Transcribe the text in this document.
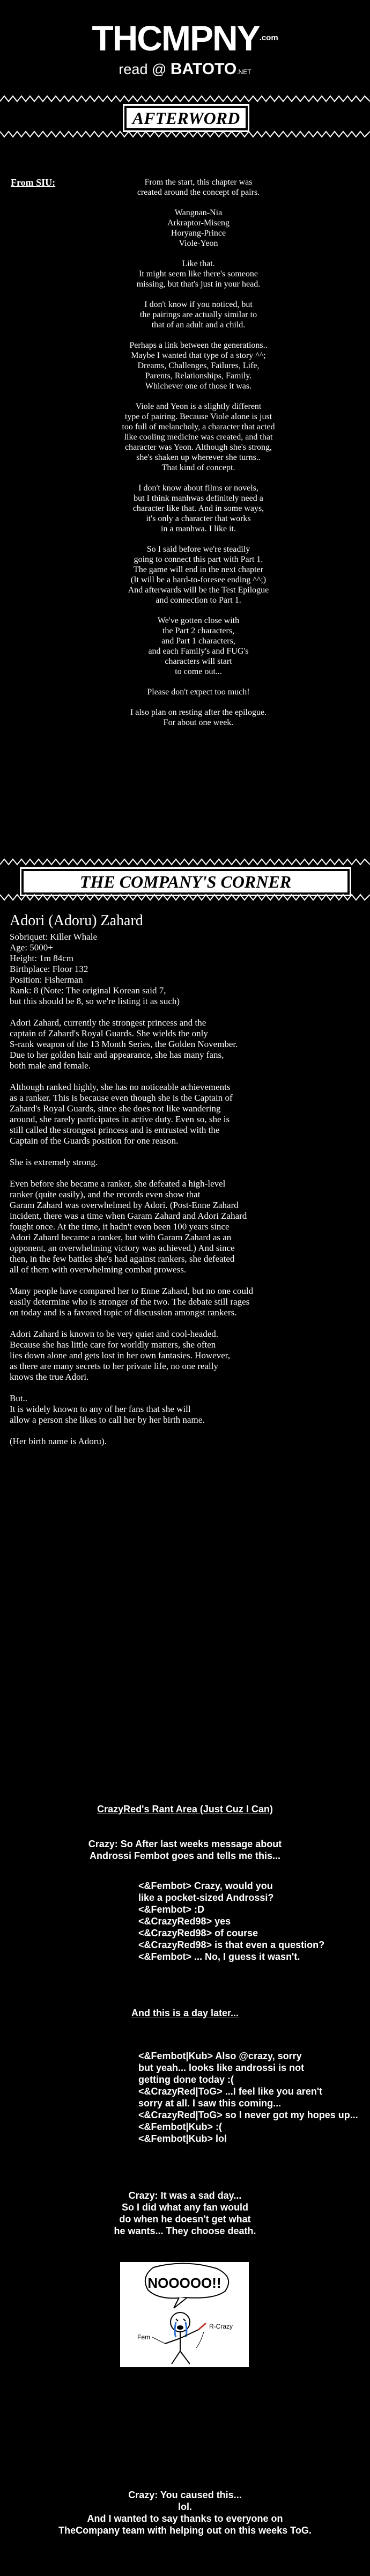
$THCMPNY^{.com}$
read @ BATOTO.NET
AFTERWORD
From SIU:	From the start, this chapter was
created around the concept of pairs.

Wangnan-Nia
Arkraptor-Miseng
Horyang-Prince
Viole-Yeon

Like that.
It might seem like there's someone
missing, but that's just in your head.

I don't know if you noticed, but
the pairings are actually similar to
that of an adult and a child.

Perhaps a link between the generations..
Maybe I wanted that type of a story ^^;
Dreams, Challenges, Failures, Life,
Parents, Relationships, Family.
Whichever one of those it was.

Viole and Yeon is a slightly different
type of pairing. Because Viole alone is just
too full of melancholy, a character that acted
like cooling medicine was created, and that
character was Yeon. Although she's strong,
she's shaken up wherever she turns..
That kind of concept.

I don't know about films or novels,
but I think manhwas definitely need a
character like that. And in some ways,
it's only a character that works
in a manhwa. I like it.

So I said before we're steadily
going to connect this part with Part 1.
The game will end in the next chapter
(It will be a hard-to-foresee ending ^^;)
And afterwards will be the Test Epilogue
and connection to Part 1.

We've gotten close with
the Part 2 characters,
and Part 1 characters,
and each Family's and FUG's
characters will start
to come out...

Please don't expect too much!

I also plan on resting after the epilogue.
For about one week.

THE COMPANY'S CORNER
Adori (Adoru) Zahard

Sobriquet: Killer Whale
Age: 5000+
Height: 1m 84cm
Birthplace: Floor 132
Position: Fisherman
Rank: 8 (Note: The original Korean said 7,
but this should be 8, so we're listing it as such)

Adori Zahard, currently the strongest princess and the
captain of Zahard's Royal Guards. She wields the only
S-rank weapon of the 13 Month Series, the Golden November.
Due to her golden hair and appearance, she has many fans,
both male and female.

Although ranked highly, she has no noticeable achievements
as a ranker. This is because even though she is the Captain of
Zahard's Royal Guards, since she does not like wandering
around, she rarely participates in active duty. Even so, she is
still called the strongest princess and is entrusted with the
Captain of the Guards position for one reason.

She is extremely strong.

Even before she became a ranker, she defeated a high-level
ranker (quite easily), and the records even show that
Garam Zahard was overwhelmed by Adori. (Post-Enne Zahard
incident, there was a time when Garam Zahard and Adori Zahard
fought once. At the time, it hadn't even been 100 years since
Adori Zahard became a ranker, but with Garam Zahard as an
opponent, an overwhelming victory was achieved.) And since
then, in the few battles she's had against rankers, she defeated
all of them with overwhelming combat prowess.

Many people have compared her to Enne Zahard, but no one could
easily determine who is stronger of the two. The debate still rages
on today and is a favored topic of discussion amongst rankers.

Adori Zahard is known to be very quiet and cool-headed.
Because she has little care for worldly matters, she often
lies down alone and gets lost in her own fantasies. However,
as there are many secrets to her private life, no one really
knows the true Adori.

But..
It is widely known to any of her fans that she will
allow a person she likes to call her by her birth name.

(Her birth name is Adoru).

CrazyRed's Rant Area (Just Cuz I Can)
Crazy: So After last weeks message about
Androssi Fembot goes and tells me this...
<&Fembot> Crazy, would you
like a pocket-sized Androssi?
<&Fembot> :D
<&CrazyRed98> yes
<&CrazyRed98> of course
<&CrazyRed98> is that even a question?
<&Fembot> ... No, I guess it wasn't.
And this is a day later...
<&Fembot|Kub> Also @crazy, sorry
but yeah... looks like androssi is not
getting done today :(
<&CrazyRed|ToG> ...I feel like you aren't
sorry at all. I saw this coming...
<&CrazyRed|ToG> so I never got my hopes up...
<&Fembot|Kub> :(
<&Fembot|Kub> lol
Crazy: It was a sad day...
So I did what any fan would
do when he doesn't get what
he wants... They choose death.
NOOOOO!!
Fem
R-Crazy
Crazy: You caused this...
lol.
And I wanted to say thanks to everyone on
TheCompany team with helping out on this weeks ToG.
